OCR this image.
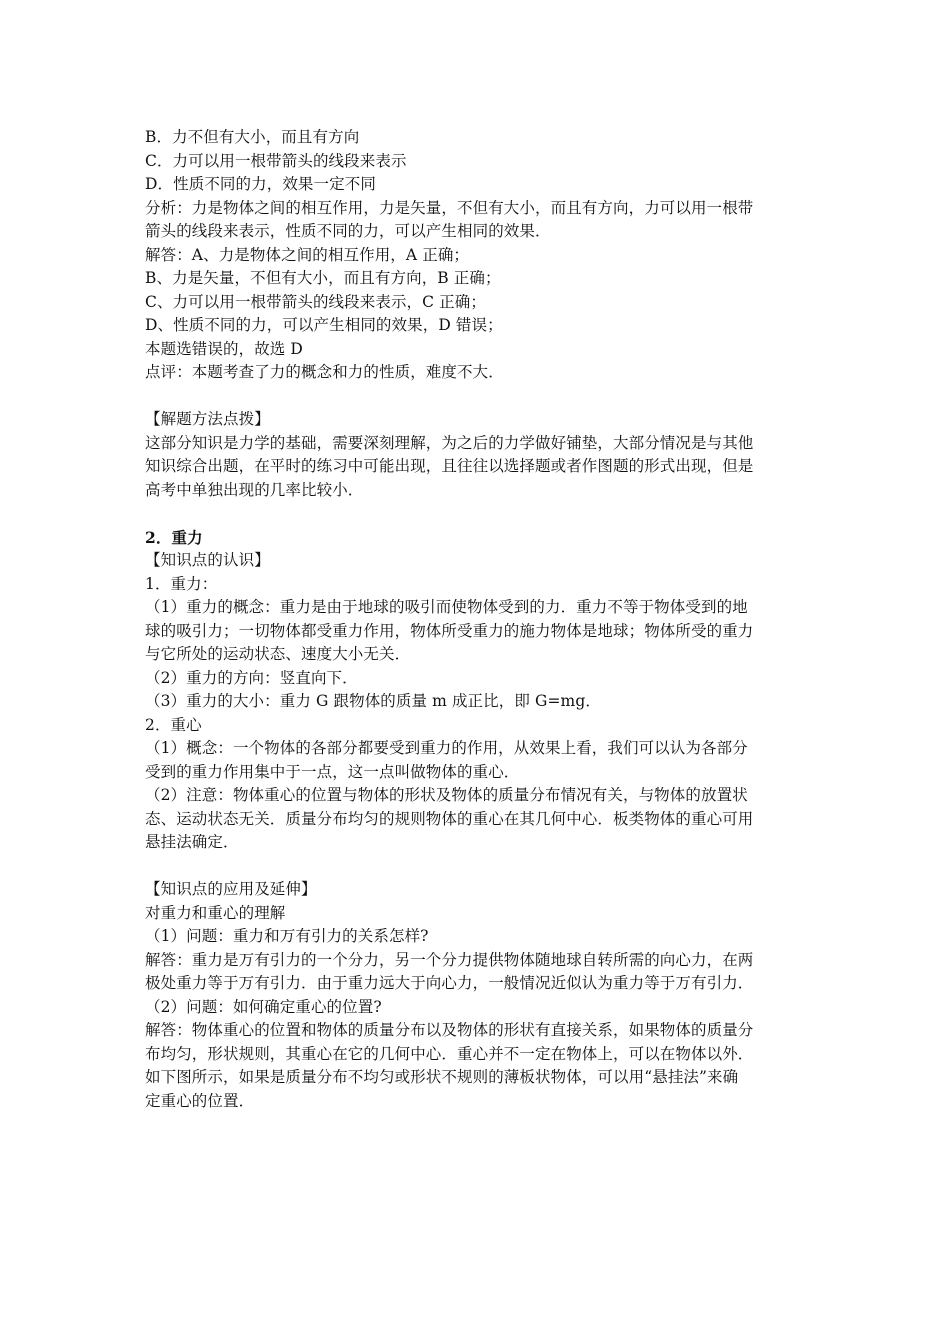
B．力不但有大小，而且有方向
C．力可以用一根带箭头的线段来表示
D．性质不同的力，效果一定不同
分析：力是物体之间的相互作用，力是矢量，不但有大小，而且有方向，力可以用一根带
箭头的线段来表示，性质不同的力，可以产生相同的效果．
解答：A、力是物体之间的相互作用，A 正确；
B、力是矢量，不但有大小，而且有方向，B 正确；
C、力可以用一根带箭头的线段来表示，C 正确；
D、性质不同的力，可以产生相同的效果，D 错误；
本题选错误的，故选 D
点评：本题考查了力的概念和力的性质，难度不大．
【解题方法点拨】
这部分知识是力学的基础，需要深刻理解，为之后的力学做好铺垫，大部分情况是与其他
知识综合出题，在平时的练习中可能出现，且往往以选择题或者作图题的形式出现，但是
高考中单独出现的几率比较小．
2．重力
【知识点的认识】
1．重力：
（1）重力的概念：重力是由于地球的吸引而使物体受到的力．重力不等于物体受到的地
球的吸引力；一切物体都受重力作用，物体所受重力的施力物体是地球；物体所受的重力
与它所处的运动状态、速度大小无关．
（2）重力的方向：竖直向下．
（3）重力的大小：重力 G 跟物体的质量 m 成正比，即 G=mg．
2．重心
（1）概念：一个物体的各部分都要受到重力的作用，从效果上看，我们可以认为各部分
受到的重力作用集中于一点，这一点叫做物体的重心．
（2）注意：物体重心的位置与物体的形状及物体的质量分布情况有关，与物体的放置状
态、运动状态无关．质量分布均匀的规则物体的重心在其几何中心．板类物体的重心可用
悬挂法确定．
【知识点的应用及延伸】
对重力和重心的理解
（1）问题：重力和万有引力的关系怎样?
解答：重力是万有引力的一个分力，另一个分力提供物体随地球自转所需的向心力，在两
极处重力等于万有引力．由于重力远大于向心力，一般情况近似认为重力等于万有引力．
（2）问题：如何确定重心的位置?
解答：物体重心的位置和物体的质量分布以及物体的形状有直接关系，如果物体的质量分
布均匀，形状规则，其重心在它的几何中心．重心并不一定在物体上，可以在物体以外．
如下图所示，如果是质量分布不均匀或形状不规则的薄板状物体，可以用“悬挂法”来确
定重心的位置．
